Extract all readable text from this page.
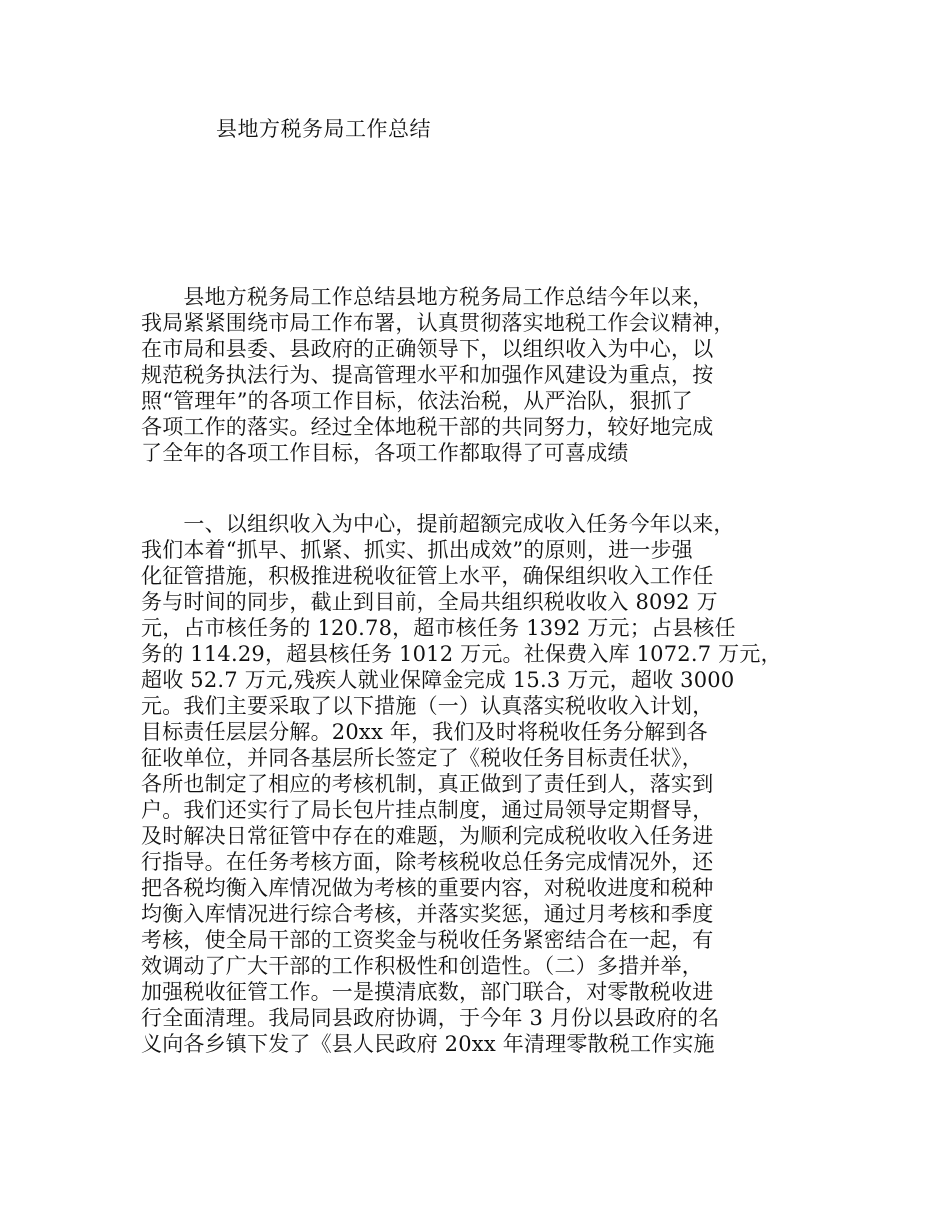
县地方税务局工作总结
　　县地方税务局工作总结县地方税务局工作总结今年以来，
我局紧紧围绕市局工作布署，认真贯彻落实地税工作会议精神，
在市局和县委、县政府的正确领导下，以组织收入为中心，以
规范税务执法行为、提高管理水平和加强作风建设为重点，按
照“管理年”的各项工作目标，依法治税，从严治队，狠抓了
各项工作的落实。经过全体地税干部的共同努力，较好地完成
了全年的各项工作目标，各项工作都取得了可喜成绩
　　一、以组织收入为中心，提前超额完成收入任务今年以来，
我们本着“抓早、抓紧、抓实、抓出成效”的原则，进一步强
化征管措施，积极推进税收征管上水平，确保组织收入工作任
务与时间的同步，截止到目前，全局共组织税收收入 8092 万
元，占市核任务的 120.78，超市核任务 1392 万元；占县核任
务的 114.29，超县核任务 1012 万元。社保费入库 1072.7 万元，
超收 52.7 万元,残疾人就业保障金完成 15.3 万元，超收 3000
元。我们主要采取了以下措施（一）认真落实税收收入计划，
目标责任层层分解。20xx 年，我们及时将税收任务分解到各
征收单位，并同各基层所长签定了《税收任务目标责任状》，
各所也制定了相应的考核机制，真正做到了责任到人，落实到
户。我们还实行了局长包片挂点制度，通过局领导定期督导，
及时解决日常征管中存在的难题，为顺利完成税收收入任务进
行指导。在任务考核方面，除考核税收总任务完成情况外，还
把各税均衡入库情况做为考核的重要内容，对税收进度和税种
均衡入库情况进行综合考核，并落实奖惩，通过月考核和季度
考核，使全局干部的工资奖金与税收任务紧密结合在一起，有
效调动了广大干部的工作积极性和创造性。（二）多措并举，
加强税收征管工作。一是摸清底数，部门联合，对零散税收进
行全面清理。我局同县政府协调，于今年 3 月份以县政府的名
义向各乡镇下发了《县人民政府 20xx 年清理零散税工作实施
